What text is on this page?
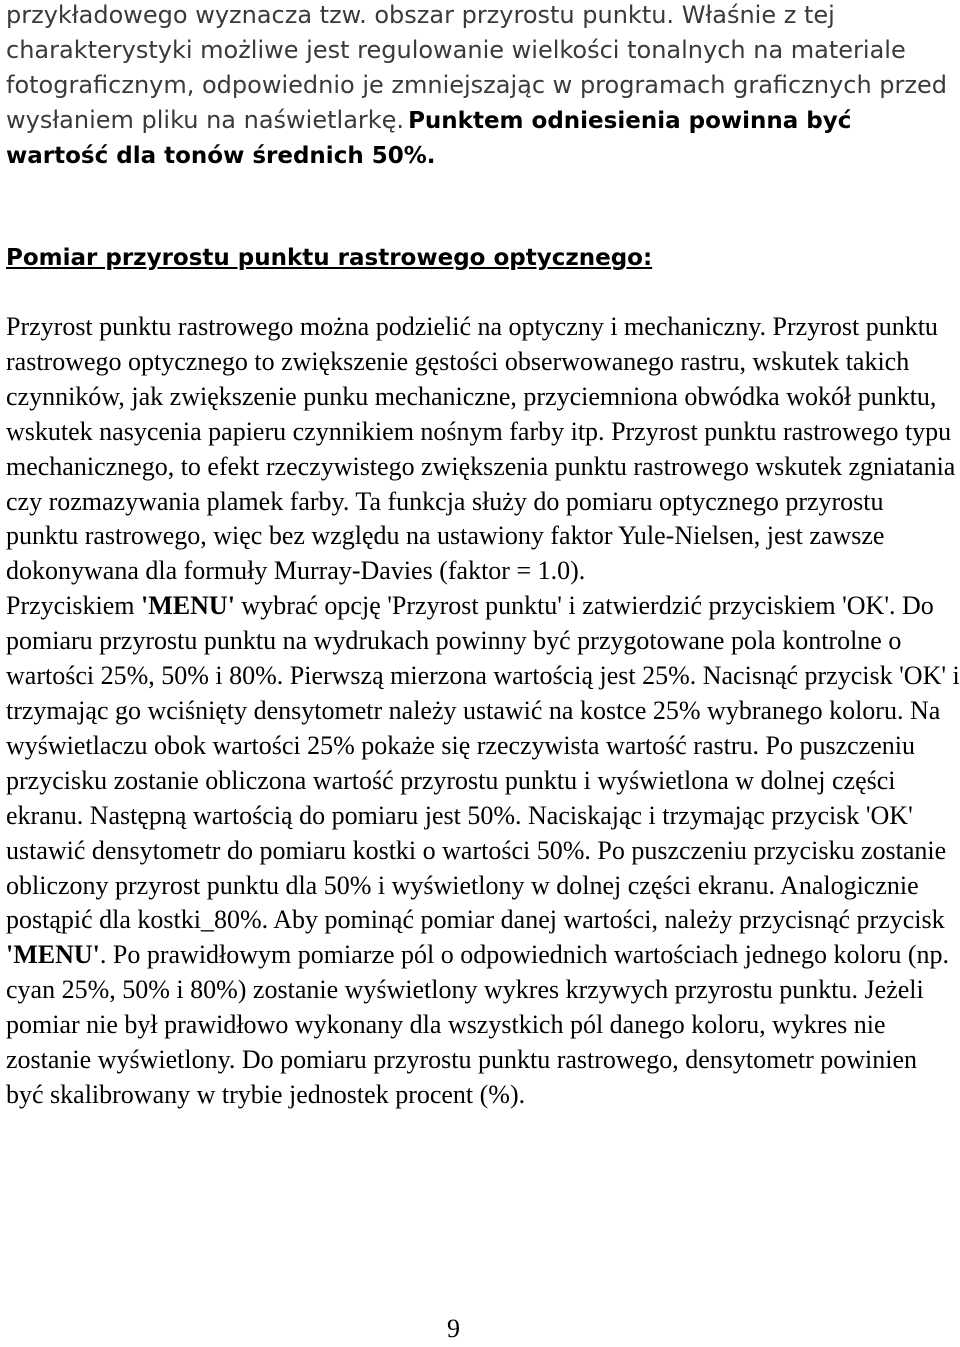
przykładowego wyznacza tzw. obszar przyrostu punktu. Właśnie z tej charakterystyki możliwe jest regulowanie wielkości tonalnych na materiale fotograficznym, odpowiednio je zmniejszając w programach graficznych przed wysłaniem pliku na naświetlarkę. Punktem odniesienia powinna być wartość dla tonów średnich 50%.

Pomiar przyrostu punktu rastrowego optycznego:

Przyrost punktu rastrowego można podzielić na optyczny i mechaniczny. Przyrost punktu rastrowego optycznego to zwiększenie gęstości obserwowanego rastru, wskutek takich czynników, jak zwiększenie punku mechaniczne, przyciemniona obwódka wokół punktu, wskutek nasycenia papieru czynnikiem nośnym farby itp. Przyrost punktu rastrowego typu mechanicznego, to efekt rzeczywistego zwiększenia punktu rastrowego wskutek zgniatania czy rozmazywania plamek farby. Ta funkcja służy do pomiaru optycznego przyrostu punktu rastrowego, więc bez względu na ustawiony faktor Yule-Nielsen, jest zawsze dokonywana dla formuły Murray-Davies (faktor = 1.0).

Przyciskiem 'MENU' wybrać opcję 'Przyrost punktu' i zatwierdzić przyciskiem 'OK'. Do pomiaru przyrostu punktu na wydrukach powinny być przygotowane pola kontrolne o wartości 25%, 50% i 80%. Pierwszą mierzona wartością jest 25%. Nacisnąć przycisk 'OK' i trzymając go wciśnięty densytometr należy ustawić na kostce 25% wybranego koloru. Na wyświetlaczu obok wartości 25% pokaże się rzeczywista wartość rastru. Po puszczeniu przycisku zostanie obliczona wartość przyrostu punktu i wyświetlona w dolnej części ekranu. Następną wartością do pomiaru jest 50%. Naciskając i trzymając przycisk 'OK' ustawić densytometr do pomiaru kostki o wartości 50%. Po puszczeniu przycisku zostanie obliczony przyrost punktu dla 50% i wyświetlony w dolnej części ekranu. Analogicznie postąpić dla kostki_80%. Aby pominąć pomiar danej wartości, należy przycisnąć przycisk 'MENU'. Po prawidłowym pomiarze pól o odpowiednich wartościach jednego koloru (np. cyan 25%, 50% i 80%) zostanie wyświetlony wykres krzywych przyrostu punktu. Jeżeli pomiar nie był prawidłowo wykonany dla wszystkich pól danego koloru, wykres nie zostanie wyświetlony. Do pomiaru przyrostu punktu rastrowego, densytometr powinien być skalibrowany w trybie jednostek procent (%).

9
